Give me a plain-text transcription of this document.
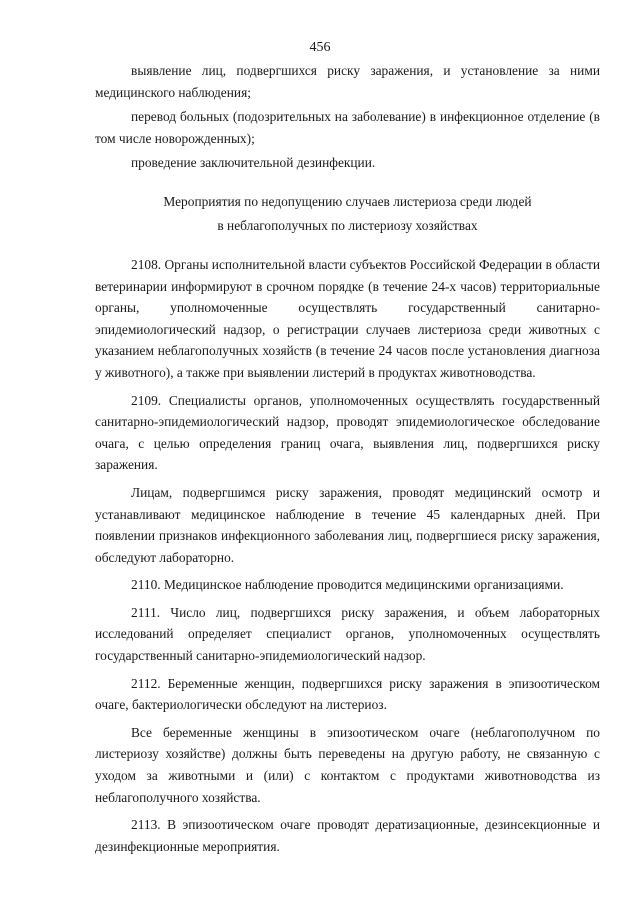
456

выявление лиц, подвергшихся риску заражения, и установление за ними медицинского наблюдения;

перевод больных (подозрительных на заболевание) в инфекционное отделение (в том числе новорожденных);

проведение заключительной дезинфекции.

Мероприятия по недопущению случаев листериоза среди людей
в неблагополучных по листериозу хозяйствах

2108. Органы исполнительной власти субъектов Российской Федерации в области ветеринарии информируют в срочном порядке (в течение 24-х часов) территориальные органы, уполномоченные осуществлять государственный санитарно-эпидемиологический надзор, о регистрации случаев листериоза среди животных с указанием неблагополучных хозяйств (в течение 24 часов после установления диагноза у животного), а также при выявлении листерий в продуктах животноводства.

2109. Специалисты органов, уполномоченных осуществлять государственный санитарно-эпидемиологический надзор, проводят эпидемиологическое обследование очага, с целью определения границ очага, выявления лиц, подвергшихся риску заражения.

Лицам, подвергшимся риску заражения, проводят медицинский осмотр и устанавливают медицинское наблюдение в течение 45 календарных дней. При появлении признаков инфекционного заболевания лиц, подвергшиеся риску заражения, обследуют лабораторно.

2110. Медицинское наблюдение проводится медицинскими организациями.

2111. Число лиц, подвергшихся риску заражения, и объем лабораторных исследований определяет специалист органов, уполномоченных осуществлять государственный санитарно-эпидемиологический надзор.

2112. Беременные женщин, подвергшихся риску заражения в эпизоотическом очаге, бактериологически обследуют на листериоз.

Все беременные женщины в эпизоотическом очаге (неблагополучном по листериозу хозяйстве) должны быть переведены на другую работу, не связанную с уходом за животными и (или) с контактом с продуктами животноводства из неблагополучного хозяйства.

2113. В эпизоотическом очаге проводят дератизационные, дезинсекционные и дезинфекционные мероприятия.
